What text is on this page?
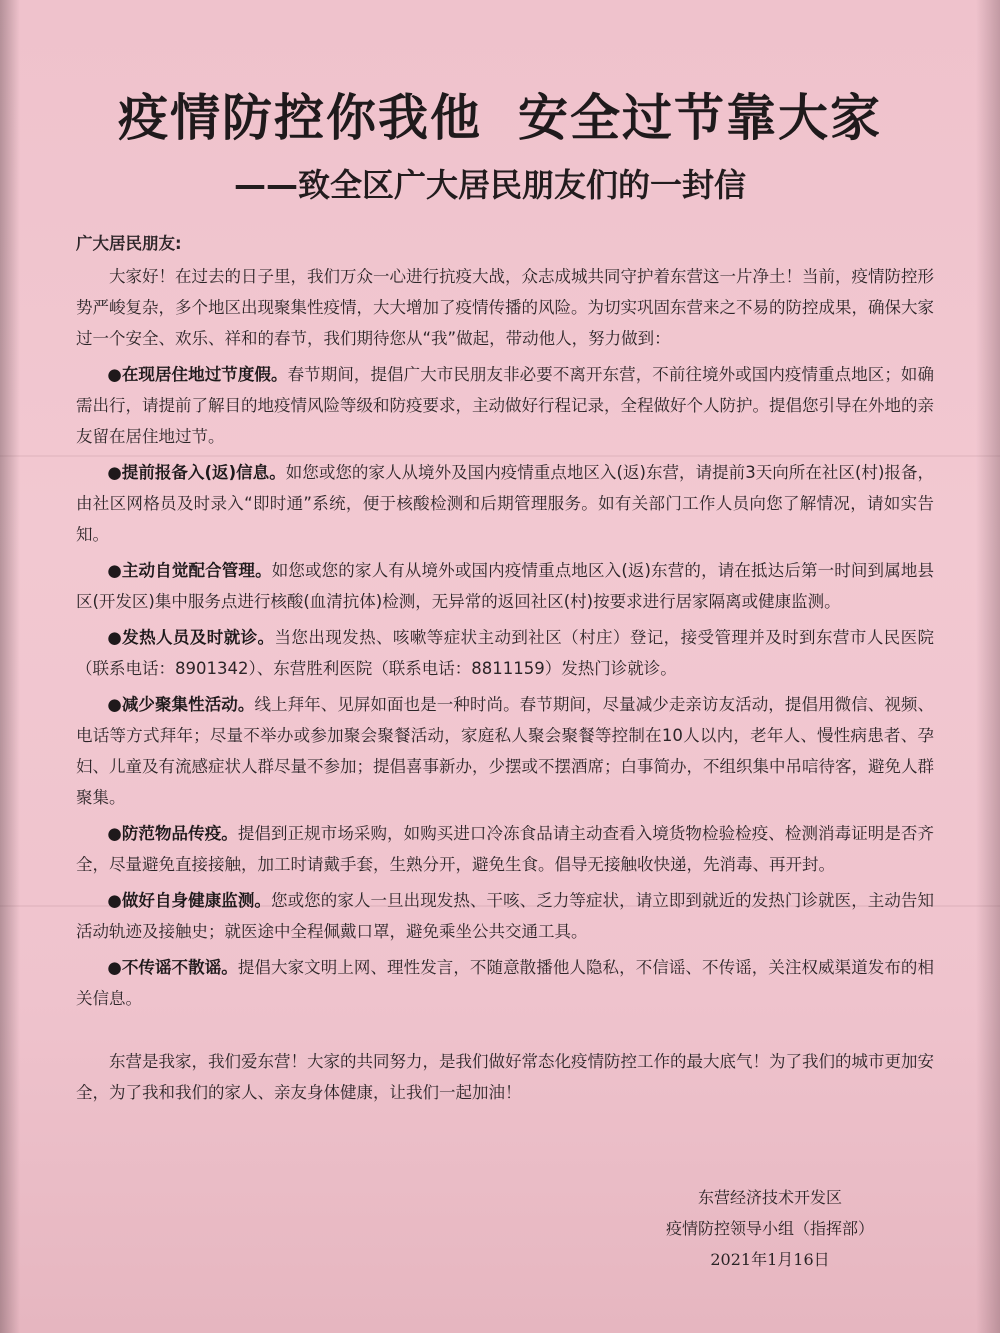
疫情防控你我他 安全过节靠大家
——致全区广大居民朋友们的一封信
广大居民朋友:

大家好！在过去的日子里，我们万众一心进行抗疫大战，众志成城共同守护着东营这一片净土！当前，疫情防控形势严峻复杂，多个地区出现聚集性疫情，大大增加了疫情传播的风险。为切实巩固东营来之不易的防控成果，确保大家过一个安全、欢乐、祥和的春节，我们期待您从“我”做起，带动他人，努力做到：

●在现居住地过节度假。春节期间，提倡广大市民朋友非必要不离开东营，不前往境外或国内疫情重点地区；如确需出行，请提前了解目的地疫情风险等级和防疫要求，主动做好行程记录，全程做好个人防护。提倡您引导在外地的亲友留在居住地过节。

●提前报备入(返)信息。如您或您的家人从境外及国内疫情重点地区入(返)东营，请提前3天向所在社区(村)报备，由社区网格员及时录入“即时通”系统，便于核酸检测和后期管理服务。如有关部门工作人员向您了解情况，请如实告知。

●主动自觉配合管理。如您或您的家人有从境外或国内疫情重点地区入(返)东营的，请在抵达后第一时间到属地县区(开发区)集中服务点进行核酸(血清抗体)检测，无异常的返回社区(村)按要求进行居家隔离或健康监测。

●发热人员及时就诊。当您出现发热、咳嗽等症状主动到社区（村庄）登记，接受管理并及时到东营市人民医院（联系电话：8901342）、东营胜利医院（联系电话：8811159）发热门诊就诊。

●减少聚集性活动。线上拜年、见屏如面也是一种时尚。春节期间，尽量减少走亲访友活动，提倡用微信、视频、电话等方式拜年；尽量不举办或参加聚会聚餐活动，家庭私人聚会聚餐等控制在10人以内，老年人、慢性病患者、孕妇、儿童及有流感症状人群尽量不参加；提倡喜事新办，少摆或不摆酒席；白事简办，不组织集中吊唁待客，避免人群聚集。

●防范物品传疫。提倡到正规市场采购，如购买进口冷冻食品请主动查看入境货物检验检疫、检测消毒证明是否齐全，尽量避免直接接触，加工时请戴手套，生熟分开，避免生食。倡导无接触收快递，先消毒、再开封。

●做好自身健康监测。您或您的家人一旦出现发热、干咳、乏力等症状，请立即到就近的发热门诊就医，主动告知活动轨迹及接触史；就医途中全程佩戴口罩，避免乘坐公共交通工具。

●不传谣不散谣。提倡大家文明上网、理性发言，不随意散播他人隐私，不信谣、不传谣，关注权威渠道发布的相关信息。

东营是我家，我们爱东营！大家的共同努力，是我们做好常态化疫情防控工作的最大底气！为了我们的城市更加安全，为了我和我们的家人、亲友身体健康，让我们一起加油！

东营经济技术开发区
疫情防控领导小组（指挥部）
2021年1月16日
